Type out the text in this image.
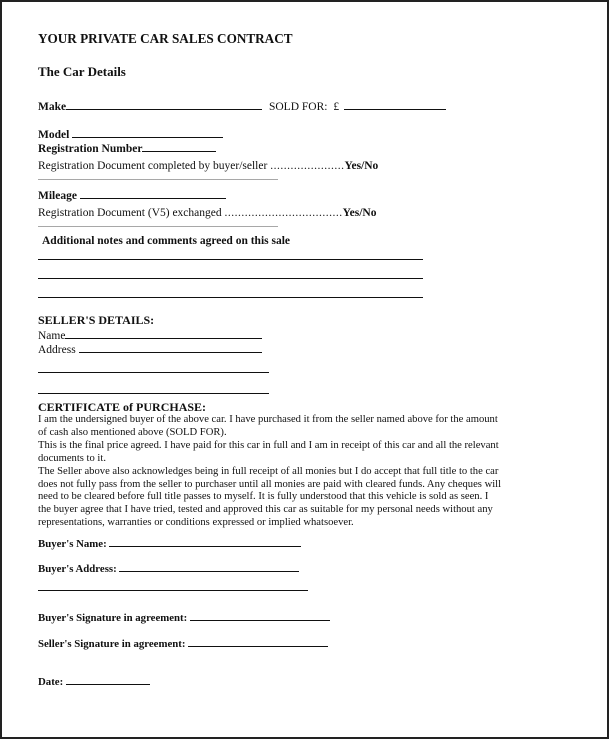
YOUR PRIVATE CAR SALES CONTRACT
The Car Details
Make	SOLD FOR: £
Model
Registration Number
Registration Document completed by buyer/seller ......................Yes/No
........................................................................................................................
Mileage
Registration Document (V5) exchanged ...................................Yes/No
........................................................................................................................
Additional notes and comments agreed on this sale
SELLER'S DETAILS:
Name
Address
CERTIFICATE of PURCHASE:
I am the undersigned buyer of the above car. I have purchased it from the seller named above for the amount
of cash also mentioned above (SOLD FOR).
This is the final price agreed. I have paid for this car in full and I am in receipt of this car and all the relevant
documents to it.
The Seller above also acknowledges being in full receipt of all monies but I do accept that full title to the car
does not fully pass from the seller to purchaser until all monies are paid with cleared funds. Any cheques will
need to be cleared before full title passes to myself. It is fully understood that this vehicle is sold as seen. I
the buyer agree that I have tried, tested and approved this car as suitable for my personal needs without any
representations, warranties or conditions expressed or implied whatsoever.
Buyer's Name:
Buyer's Address:
Buyer's Signature in agreement:
Seller's Signature in agreement:
Date:
